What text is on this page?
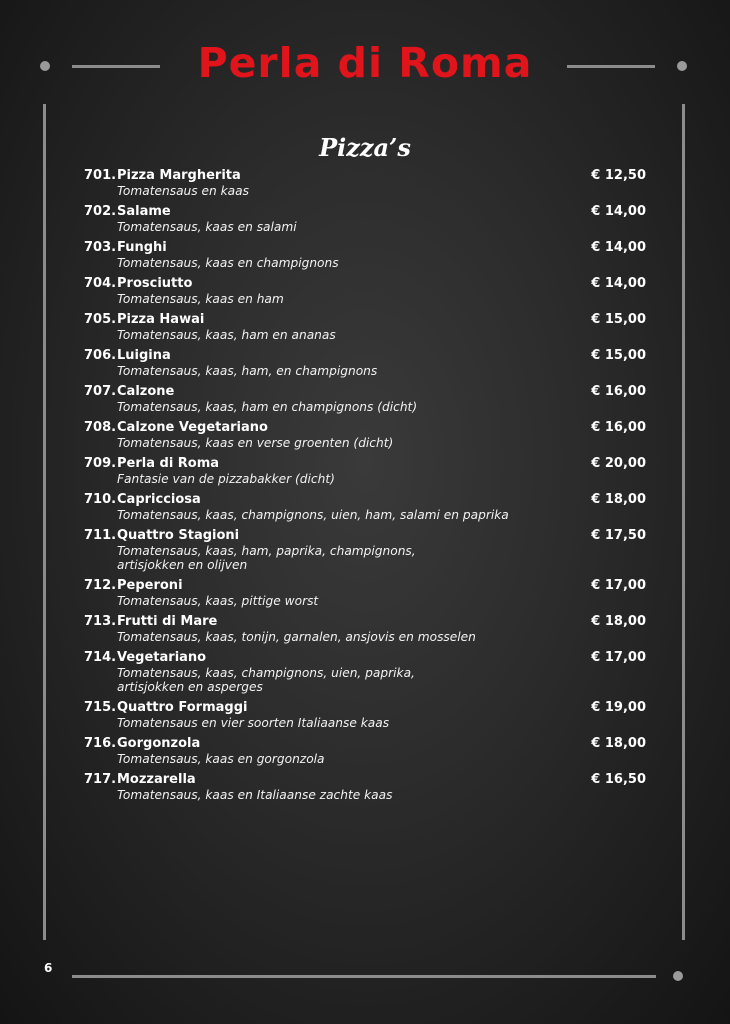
Perla di Roma
Pizza’s
701. Pizza Margherita	€ 12,50
Tomatensaus en kaas
702. Salame	€ 14,00
Tomatensaus, kaas en salami
703. Funghi	€ 14,00
Tomatensaus, kaas en champignons
704. Prosciutto	€ 14,00
Tomatensaus, kaas en ham
705. Pizza Hawai	€ 15,00
Tomatensaus, kaas, ham en ananas
706. Luigina	€ 15,00
Tomatensaus, kaas, ham, en champignons
707. Calzone	€ 16,00
Tomatensaus, kaas, ham en champignons (dicht)
708. Calzone Vegetariano	€ 16,00
Tomatensaus, kaas en verse groenten (dicht)
709. Perla di Roma	€ 20,00
Fantasie van de pizzabakker (dicht)
710. Capricciosa	€ 18,00
Tomatensaus, kaas, champignons, uien, ham, salami en paprika
711. Quattro Stagioni	€ 17,50
Tomatensaus, kaas, ham, paprika, champignons,
artisjokken en olijven
712. Peperoni	€ 17,00
Tomatensaus, kaas, pittige worst
713. Frutti di Mare	€ 18,00
Tomatensaus, kaas, tonijn, garnalen, ansjovis en mosselen
714. Vegetariano	€ 17,00
Tomatensaus, kaas, champignons, uien, paprika,
artisjokken en asperges
715. Quattro Formaggi	€ 19,00
Tomatensaus en vier soorten Italiaanse kaas
716. Gorgonzola	€ 18,00
Tomatensaus, kaas en gorgonzola
717. Mozzarella	€ 16,50
Tomatensaus, kaas en Italiaanse zachte kaas
6
